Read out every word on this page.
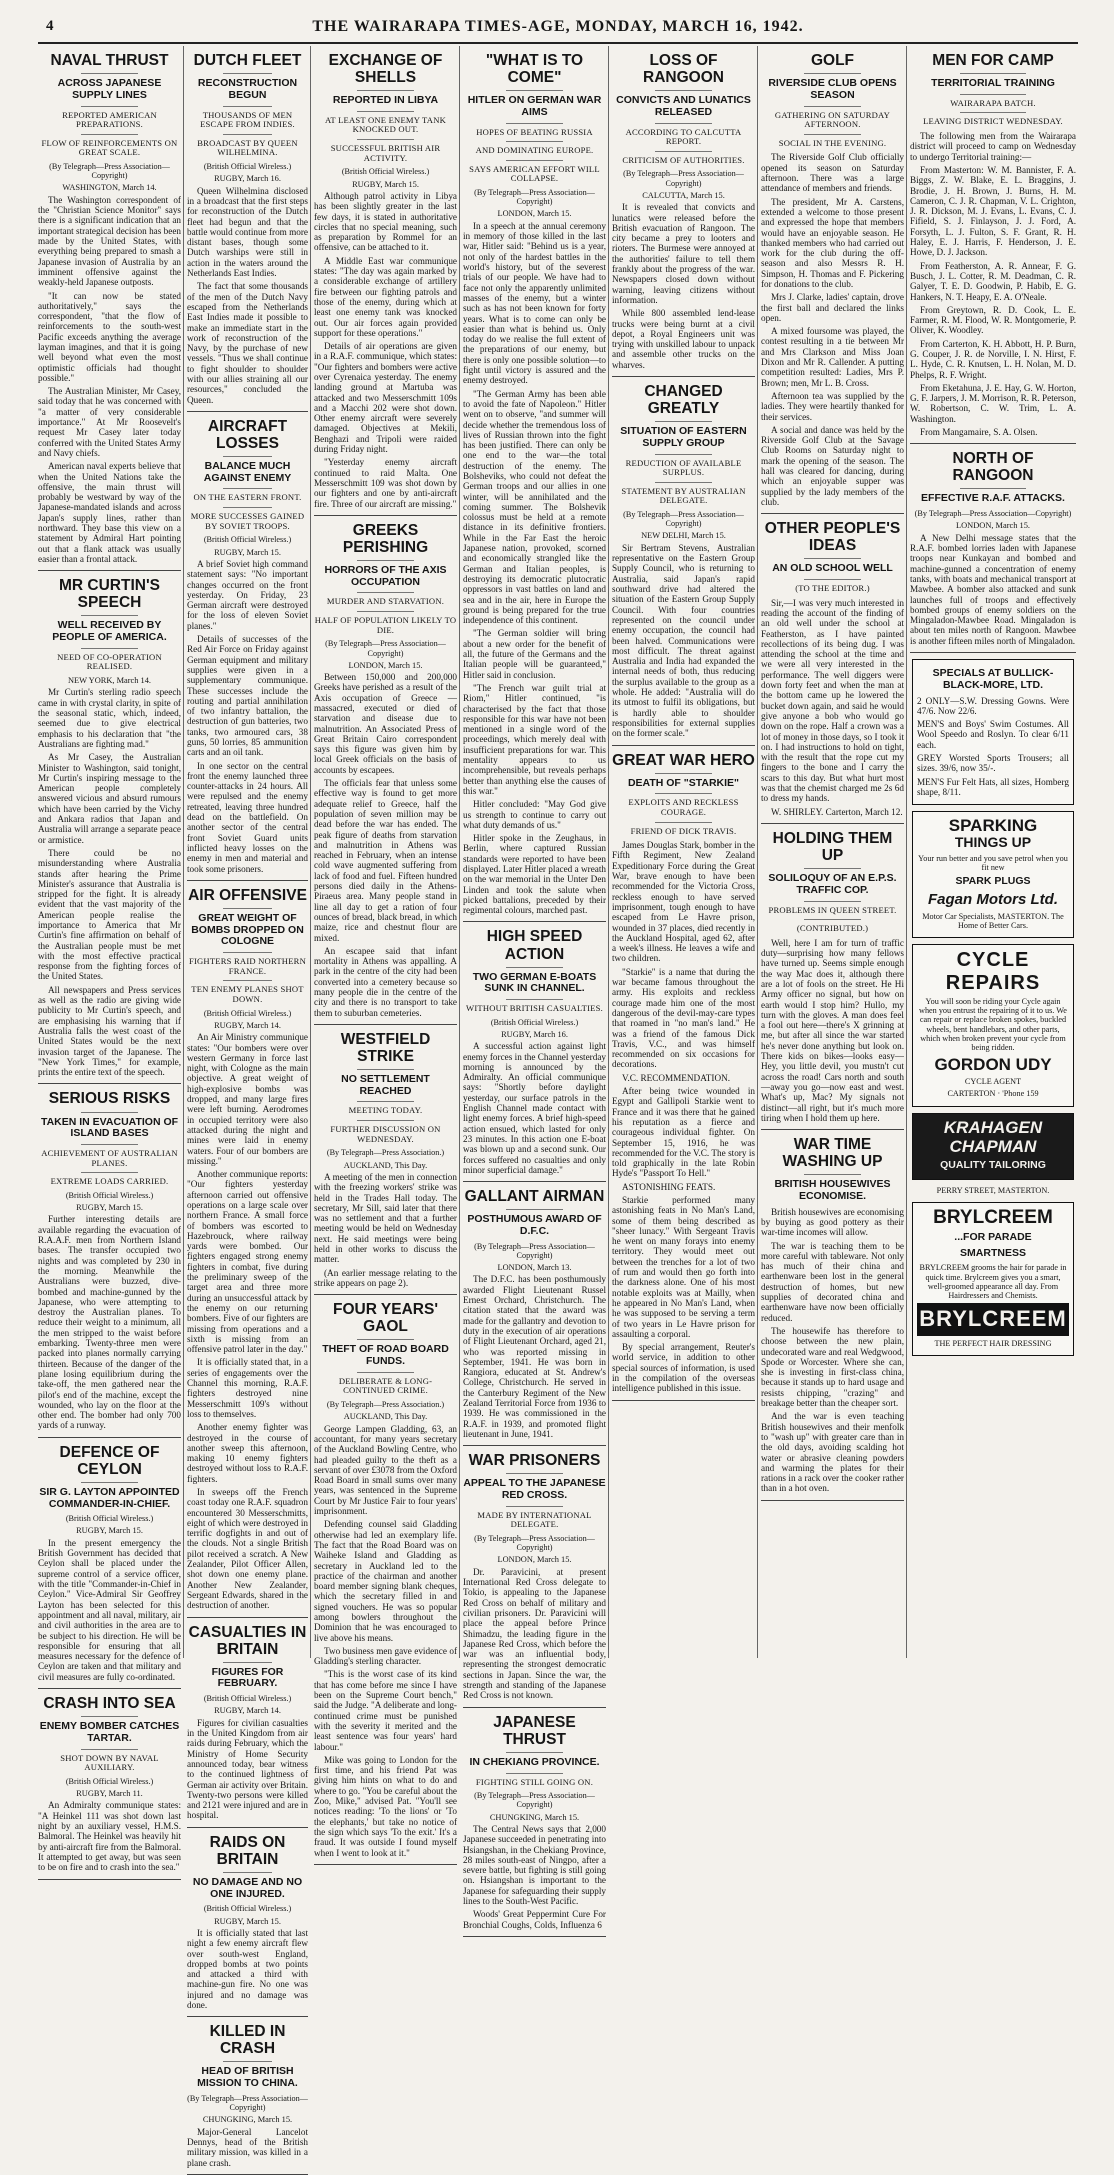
4	THE WAIRARAPA TIMES-AGE, MONDAY, MARCH 16, 1942.
NAVAL THRUST
ACROSS JAPANESE SUPPLY LINES
REPORTED AMERICAN PREPARATIONS.
FLOW OF REINFORCEMENTS ON GREAT SCALE.
(By Telegraph—Press Association—Copyright)
WASHINGTON, March 14.

The Washington correspondent of the "Christian Science Monitor" says there is a significant indication that an important strategical decision has been made by the United States, with everything being prepared to smash a Japanese invasion of Australia by an imminent offensive against the weakly-held Japanese outposts.

"It can now be stated authoritatively," says the correspondent, "that the flow of reinforcements to the south-west Pacific exceeds anything the average layman imagines, and that it is going well beyond what even the most optimistic officials had thought possible."

The Australian Minister, Mr Casey, said today that he was concerned with "a matter of very considerable importance." At Mr Roosevelt's request Mr Casey later today conferred with the United States Army and Navy chiefs.

American naval experts believe that when the United Nations take the offensive, the main thrust will probably be westward by way of the Japanese-mandated islands and across Japan's supply lines, rather than northward. They base this view on a statement by Admiral Hart pointing out that a flank attack was usually easier than a frontal attack.

MR CURTIN'S SPEECH
WELL RECEIVED BY PEOPLE OF AMERICA.
NEED OF CO-OPERATION REALISED.
NEW YORK, March 14.

Mr Curtin's sterling radio speech came in with crystal clarity, in spite of the seasonal static, which, indeed, seemed due to give electrical emphasis to his declaration that "the Australians are fighting mad."

As Mr Casey, the Australian Minister to Washington, said tonight, Mr Curtin's inspiring message to the American people completely answered vicious and absurd rumours which have been carried by the Vichy and Ankara radios that Japan and Australia will arrange a separate peace or armistice.

There could be no misunderstanding where Australia stands after hearing the Prime Minister's assurance that Australia is stripped for the fight. It is already evident that the vast majority of the American people realise the importance to America that Mr Curtin's fine affirmation on behalf of the Australian people must be met with the most effective practical response from the fighting forces of the United States.

All newspapers and Press services as well as the radio are giving wide publicity to Mr Curtin's speech, and are emphasising his warning that if Australia falls the west coast of the United States would be the next invasion target of the Japanese. The "New York Times," for example, prints the entire text of the speech.

SERIOUS RISKS
TAKEN IN EVACUATION OF ISLAND BASES
ACHIEVEMENT OF AUSTRALIAN PLANES.
EXTREME LOADS CARRIED.
(British Official Wireless.)
RUGBY, March 15.

Further interesting details are available regarding the evacuation of R.A.A.F. men from Northern Island bases. The transfer occupied two nights and was completed by 230 in the morning. Meanwhile the Australians were buzzed, dive-bombed and machine-gunned by the Japanese, who were attempting to destroy the Australian planes. To reduce their weight to a minimum, all the men stripped to the waist before embarking. Twenty-three men were packed into planes normally carrying thirteen. Because of the danger of the plane losing equilibrium during the take-off, the men gathered near the pilot's end of the machine, except the wounded, who lay on the floor at the other end. The bomber had only 700 yards of a runway.

DEFENCE OF CEYLON
SIR G. LAYTON APPOINTED COMMANDER-IN-CHIEF.
(British Official Wireless.)
RUGBY, March 15.

In the present emergency the British Government has decided that Ceylon shall be placed under the supreme control of a service officer, with the title "Commander-in-Chief in Ceylon." Vice-Admiral Sir Geoffrey Layton has been selected for this appointment and all naval, military, air and civil authorities in the area are to be subject to his direction. He will be responsible for ensuring that all measures necessary for the defence of Ceylon are taken and that military and civil measures are fully co-ordinated.

CRASH INTO SEA
ENEMY BOMBER CATCHES TARTAR.
SHOT DOWN BY NAVAL AUXILIARY.
(British Official Wireless.)
RUGBY, March 11.

An Admiralty communique states: "A Heinkel 111 was shot down last night by an auxiliary vessel, H.M.S. Balmoral. The Heinkel was heavily hit by anti-aircraft fire from the Balmoral. It attempted to get away, but was seen to be on fire and to crash into the sea."

DUTCH FLEET
RECONSTRUCTION BEGUN
THOUSANDS OF MEN ESCAPE FROM INDIES.
BROADCAST BY QUEEN WILHELMINA.
(British Official Wireless.)
RUGBY, March 16.

Queen Wilhelmina disclosed in a broadcast that the first steps for reconstruction of the Dutch fleet had begun and that the battle would continue from more distant bases, though some Dutch warships were still in action in the waters around the Netherlands East Indies.

The fact that some thousands of the men of the Dutch Navy escaped from the Netherlands East Indies made it possible to make an immediate start in the work of reconstruction of the Navy, by the purchase of new vessels. "Thus we shall continue to fight shoulder to shoulder with our allies straining all our resources," concluded the Queen.

AIRCRAFT LOSSES
BALANCE MUCH AGAINST ENEMY
ON THE EASTERN FRONT.
MORE SUCCESSES GAINED BY SOVIET TROOPS.
(British Official Wireless.)
RUGBY, March 15.

A brief Soviet high command statement says: "No important changes occurred on the front yesterday. On Friday, 23 German aircraft were destroyed for the loss of eleven Soviet planes."

Details of successes of the Red Air Force on Friday against German equipment and military supplies were given in a supplementary communique. These successes include the routing and partial annihilation of two infantry battalion, the destruction of gun batteries, two tanks, two armoured cars, 38 guns, 50 lorries, 85 ammunition carts and an oil tank.

In one sector on the central front the enemy launched three counter-attacks in 24 hours. All were repulsed and the enemy retreated, leaving three hundred dead on the battlefield. On another sector of the central front Soviet Guard units inflicted heavy losses on the enemy in men and material and took some prisoners.

AIR OFFENSIVE
GREAT WEIGHT OF BOMBS DROPPED ON COLOGNE
FIGHTERS RAID NORTHERN FRANCE.
TEN ENEMY PLANES SHOT DOWN.
(British Official Wireless.)
RUGBY, March 14.

An Air Ministry communique states: "Our bombers were over western Germany in force last night, with Cologne as the main objective. A great weight of high-explosive bombs was dropped, and many large fires were left burning. Aerodromes in occupied territory were also attacked during the night and mines were laid in enemy waters. Four of our bombers are missing."

Another communique reports: "Our fighters yesterday afternoon carried out offensive operations on a large scale over northern France. A small force of bombers was escorted to Hazebrouck, where railway yards were bombed. Our fighters engaged strong enemy fighters in combat, five during the preliminary sweep of the target area and three more during an unsuccessful attack by the enemy on our returning bombers. Five of our fighters are missing from operations and a sixth is missing from an offensive patrol later in the day."

It is officially stated that, in a series of engagements over the Channel this morning, R.A.F. fighters destroyed nine Messerschmitt 109's without loss to themselves.

Another enemy fighter was destroyed in the course of another sweep this afternoon, making 10 enemy fighters destroyed without loss to R.A.F. fighters.

In sweeps off the French coast today one R.A.F. squadron encountered 30 Messerschmitts, eight of which were destroyed in terrific dogfights in and out of the clouds. Not a single British pilot received a scratch. A New Zealander, Pilot Officer Allen, shot down one enemy plane. Another New Zealander, Sergeant Edwards, shared in the destruction of another.

CASUALTIES IN BRITAIN
FIGURES FOR FEBRUARY.
(British Official Wireless.)
RUGBY, March 14.

Figures for civilian casualties in the United Kingdom from air raids during February, which the Ministry of Home Security announced today, bear witness to the continued lightness of German air activity over Britain. Twenty-two persons were killed and 2121 were injured and are in hospital.

RAIDS ON BRITAIN
NO DAMAGE AND NO ONE INJURED.
(British Official Wireless.)
RUGBY, March 15.

It is officially stated that last night a few enemy aircraft flew over south-west England, dropped bombs at two points and attacked a third with machine-gun fire. No one was injured and no damage was done.

KILLED IN CRASH
HEAD OF BRITISH MISSION TO CHINA.
(By Telegraph—Press Association—Copyright)
CHUNGKING, March 15.

Major-General Lancelot Dennys, head of the British military mission, was killed in a plane crash.

EXCHANGE OF SHELLS
REPORTED IN LIBYA
AT LEAST ONE ENEMY TANK KNOCKED OUT.
SUCCESSFUL BRITISH AIR ACTIVITY.
(British Official Wireless.)
RUGBY, March 15.

Although patrol activity in Libya has been slightly greater in the last few days, it is stated in authoritative circles that no special meaning, such as preparation by Rommel for an offensive, can be attached to it.

A Middle East war communique states: "The day was again marked by a considerable exchange of artillery fire between our fighting patrols and those of the enemy, during which at least one enemy tank was knocked out. Our air forces again provided support for these operations."

Details of air operations are given in a R.A.F. communique, which states: "Our fighters and bombers were active over Cyrenaica yesterday. The enemy landing ground at Martuba was attacked and two Messerschmitt 109s and a Macchi 202 were shot down. Other enemy aircraft were severely damaged. Objectives at Mekili, Benghazi and Tripoli were raided during Friday night.

"Yesterday enemy aircraft continued to raid Malta. One Messerschmitt 109 was shot down by our fighters and one by anti-aircraft fire. Three of our aircraft are missing."

GREEKS PERISHING
HORRORS OF THE AXIS OCCUPATION
MURDER AND STARVATION.
HALF OF POPULATION LIKELY TO DIE.
(By Telegraph—Press Association—Copyright)
LONDON, March 15.

Between 150,000 and 200,000 Greeks have perished as a result of the Axis occupation of Greece —massacred, executed or died of starvation and disease due to malnutrition. An Associated Press of Great Britain Cairo correspondent says this figure was given him by local Greek officials on the basis of accounts by escapees.

The officials fear that unless some effective way is found to get more adequate relief to Greece, half the population of seven million may be dead before the war has ended. The peak figure of deaths from starvation and malnutrition in Athens was reached in February, when an intense cold wave augmented suffering from lack of food and fuel. Fifteen hundred persons died daily in the Athens-Piraeus area. Many people stand in line all day to get a ration of four ounces of bread, black bread, in which maize, rice and chestnut flour are mixed.

An escapee said that infant mortality in Athens was appalling. A park in the centre of the city had been converted into a cemetery because so many people die in the centre of the city and there is no transport to take them to suburban cemeteries.

WESTFIELD STRIKE
NO SETTLEMENT REACHED
MEETING TODAY.
FURTHER DISCUSSION ON WEDNESDAY.
(By Telegraph—Press Association.)
AUCKLAND, This Day.

A meeting of the men in connection with the freezing workers' strike was held in the Trades Hall today. The secretary, Mr Sill, said later that there was no settlement and that a further meeting would be held on Wednesday next. He said meetings were being held in other works to discuss the matter.

(An earlier message relating to the strike appears on page 2).

FOUR YEARS' GAOL
THEFT OF ROAD BOARD FUNDS.
DELIBERATE & LONG-CONTINUED CRIME.
(By Telegraph—Press Association.)
AUCKLAND, This Day.

George Lampen Gladding, 63, an accountant, for many years secretary of the Auckland Bowling Centre, who had pleaded guilty to the theft as a servant of over £3078 from the Oxford Road Board in small sums over many years, was sentenced in the Supreme Court by Mr Justice Fair to four years' imprisonment.

Defending counsel said Gladding otherwise had led an exemplary life. The fact that the Road Board was on Waiheke Island and Gladding as secretary in Auckland led to the practice of the chairman and another board member signing blank cheques, which the secretary filled in and signed vouchers. He was so popular among bowlers throughout the Dominion that he was encouraged to live above his means.

Two business men gave evidence of Gladding's sterling character.

"This is the worst case of its kind that has come before me since I have been on the Supreme Court bench," said the Judge. "A deliberate and long-continued crime must be punished with the severity it merited and the least sentence was four years' hard labour."

Mike was going to London for the first time, and his friend Pat was giving him hints on what to do and where to go. "You be careful about the Zoo, Mike," advised Pat. "You'll see notices reading: 'To the lions' or 'To the elephants,' but take no notice of the sign which says 'To the exit.' It's a fraud. It was outside I found myself when I went to look at it."

"WHAT IS TO COME"
HITLER ON GERMAN WAR AIMS
HOPES OF BEATING RUSSIA
AND DOMINATING EUROPE.
SAYS AMERICAN EFFORT WILL COLLAPSE.
(By Telegraph—Press Association—Copyright)
LONDON, March 15.

In a speech at the annual ceremony in memory of those killed in the last war, Hitler said: "Behind us is a year, not only of the hardest battles in the world's history, but of the severest trials of our people. We have had to face not only the apparently unlimited masses of the enemy, but a winter such as has not been known for forty years. What is to come can only be easier than what is behind us. Only today do we realise the full extent of the preparations of our enemy, but there is only one possible solution—to fight until victory is assured and the enemy destroyed.

"The German Army has been able to avoid the fate of Napoleon." Hitler went on to observe, "and summer will decide whether the tremendous loss of lives of Russian thrown into the fight has been justified. There can only be one end to the war—the total destruction of the enemy. The Bolsheviks, who could not defeat the German troops and our allies in one winter, will be annihilated and the coming summer. The Bolshevik colossus must be held at a remote distance in its definitive frontiers. While in the Far East the heroic Japanese nation, provoked, scorned and economically strangled like the German and Italian peoples, is destroying its democratic plutocratic oppressors in vast battles on land and sea and in the air, here in Europe the ground is being prepared for the true independence of this continent.

"The German soldier will bring about a new order for the benefit of all, the future of the Germans and the Italian people will be guaranteed," Hitler said in conclusion.

"The French war guilt trial at Riom," Hitler continued, "is characterised by the fact that those responsible for this war have not been mentioned in a single word of the proceedings, which merely deal with insufficient preparations for war. This mentality appears to us incomprehensible, but reveals perhaps better than anything else the causes of this war."

Hitler concluded: "May God give us strength to continue to carry out what duty demands of us."

Hitler spoke in the Zeughaus, in Berlin, where captured Russian standards were reported to have been displayed. Later Hitler placed a wreath on the war memorial in the Unter Den Linden and took the salute when picked battalions, preceded by their regimental colours, marched past.

HIGH SPEED ACTION
TWO GERMAN E-BOATS SUNK IN CHANNEL.
WITHOUT BRITISH CASUALTIES.
(British Official Wireless.)
RUGBY, March 16.

A successful action against light enemy forces in the Channel yesterday morning is announced by the Admiralty. An official communique says: "Shortly before daylight yesterday, our surface patrols in the English Channel made contact with light enemy forces. A brief high-speed action ensued, which lasted for only 23 minutes. In this action one E-boat was blown up and a second sunk. Our forces suffered no casualties and only minor superficial damage."

GALLANT AIRMAN
POSTHUMOUS AWARD OF D.F.C.
(By Telegraph—Press Association—Copyright)
LONDON, March 13.

The D.F.C. has been posthumously awarded Flight Lieutenant Russel Ernest Orchard, Christchurch. The citation stated that the award was made for the gallantry and devotion to duty in the execution of air operations of Flight Lieutenant Orchard, aged 21, who was reported missing in September, 1941. He was born in Rangiora, educated at St. Andrew's College, Christchurch. He served in the Canterbury Regiment of the New Zealand Territorial Force from 1936 to 1939. He was commissioned in the R.A.F. in 1939, and promoted flight lieutenant in June, 1941.

WAR PRISONERS
APPEAL TO THE JAPANESE RED CROSS.
MADE BY INTERNATIONAL DELEGATE.
(By Telegraph—Press Association—Copyright)
LONDON, March 15.

Dr. Paravicini, at present International Red Cross delegate to Tokio, is appealing to the Japanese Red Cross on behalf of military and civilian prisoners. Dr. Paravicini will place the appeal before Prince Shimadzu, the leading figure in the Japanese Red Cross, which before the war was an influential body, representing the strongest democratic sections in Japan. Since the war, the strength and standing of the Japanese Red Cross is not known.

JAPANESE THRUST
IN CHEKIANG PROVINCE.
FIGHTING STILL GOING ON.
(By Telegraph—Press Association—Copyright)
CHUNGKING, March 15.

The Central News says that 2,000 Japanese succeeded in penetrating into Hsiangshan, in the Chekiang Province, 28 miles south-east of Ningpo, after a severe battle, but fighting is still going on. Hsiangshan is important to the Japanese for safeguarding their supply lines to the South-West Pacific.

Woods' Great Peppermint Cure For Bronchial Coughs, Colds, Influenza 6

LOSS OF RANGOON
CONVICTS AND LUNATICS RELEASED
ACCORDING TO CALCUTTA REPORT.
CRITICISM OF AUTHORITIES.
(By Telegraph—Press Association—Copyright)
CALCUTTA, March 15.

It is revealed that convicts and lunatics were released before the British evacuation of Rangoon. The city became a prey to looters and rioters. The Burmese were annoyed at the authorities' failure to tell them frankly about the progress of the war. Newspapers closed down without warning, leaving citizens without information.

While 800 assembled lend-lease trucks were being burnt at a civil depot, a Royal Engineers unit was trying with unskilled labour to unpack and assemble other trucks on the wharves.

CHANGED GREATLY
SITUATION OF EASTERN SUPPLY GROUP
REDUCTION OF AVAILABLE SURPLUS.
STATEMENT BY AUSTRALIAN DELEGATE.
(By Telegraph—Press Association—Copyright)
NEW DELHI, March 15.

Sir Bertram Stevens, Australian representative on the Eastern Group Supply Council, who is returning to Australia, said Japan's rapid southward drive had altered the situation of the Eastern Group Supply Council. With four countries represented on the council under enemy occupation, the council had been halved. Communications were most difficult. The threat against Australia and India had expanded the internal needs of both, thus reducing the surplus available to the group as a whole. He added: "Australia will do its utmost to fulfil its obligations, but is hardly able to shoulder responsibilities for external supplies on the former scale."

GREAT WAR HERO
DEATH OF "STARKIE"
EXPLOITS AND RECKLESS COURAGE.
FRIEND OF DICK TRAVIS.

James Douglas Stark, bomber in the Fifth Regiment, New Zealand Expeditionary Force during the Great War, brave enough to have been recommended for the Victoria Cross, reckless enough to have served imprisonment, tough enough to have escaped from Le Havre prison, wounded in 37 places, died recently in the Auckland Hospital, aged 62, after a week's illness. He leaves a wife and two children.

"Starkie" is a name that during the war became famous throughout the army. His exploits and reckless courage made him one of the most dangerous of the devil-may-care types that roamed in "no man's land." He was a friend of the famous Dick Travis, V.C., and was himself recommended on six occasions for decorations.

V.C. RECOMMENDATION.

After being twice wounded in Egypt and Gallipoli Starkie went to France and it was there that he gained his reputation as a fierce and courageous individual fighter. On September 15, 1916, he was recommended for the V.C. The story is told graphically in the late Robin Hyde's "Passport To Hell."

ASTONISHING FEATS.

Starkie performed many astonishing feats in No Man's Land, some of them being described as "sheer lunacy." With Sergeant Travis he went on many forays into enemy territory. They would meet out between the trenches for a lot of two of rum and would then go forth into the darkness alone. One of his most notable exploits was at Mailly, when he appeared in No Man's Land, when he was supposed to be serving a term of two years in Le Havre prison for assaulting a corporal.

By special arrangement, Reuter's world service, in addition to other special sources of information, is used in the compilation of the overseas intelligence published in this issue.

GOLF
RIVERSIDE CLUB OPENS SEASON
GATHERING ON SATURDAY AFTERNOON.
SOCIAL IN THE EVENING.

The Riverside Golf Club officially opened its season on Saturday afternoon. There was a large attendance of members and friends.

The president, Mr A. Carstens, extended a welcome to those present and expressed the hope that members would have an enjoyable season. He thanked members who had carried out work for the club during the off-season and also Messrs R. H. Simpson, H. Thomas and F. Pickering for donations to the club.

Mrs J. Clarke, ladies' captain, drove the first ball and declared the links open.

A mixed foursome was played, the contest resulting in a tie between Mr and Mrs Clarkson and Miss Joan Dixon and Mr R. Callender. A putting competition resulted: Ladies, Mrs P. Brown; men, Mr L. B. Cross.

Afternoon tea was supplied by the ladies. They were heartily thanked for their services.

A social and dance was held by the Riverside Golf Club at the Savage Club Rooms on Saturday night to mark the opening of the season. The hall was cleared for dancing, during which an enjoyable supper was supplied by the lady members of the club.

OTHER PEOPLE'S IDEAS
AN OLD SCHOOL WELL
(TO THE EDITOR.)

Sir,—I was very much interested in reading the account of the finding of an old well under the school at Featherston, as I have painted recollections of its being dug. I was attending the school at the time and we were all very interested in the performance. The well diggers were down forty feet and when the man at the bottom came up he lowered the bucket down again, and said he would give anyone a bob who would go down on the rope. Half a crown was a lot of money in those days, so I took it on. I had instructions to hold on tight, with the result that the rope cut my fingers to the bone and I carry the scars to this day. But what hurt most was that the chemist charged me 2s 6d to dress my hands.

W. SHIRLEY. Carterton, March 12.

HOLDING THEM UP
SOLILOQUY OF AN E.P.S. TRAFFIC COP.
PROBLEMS IN QUEEN STREET.
(CONTRIBUTED.)

Well, here I am for turn of traffic duty—surprising how many fellows have turned up. Seems simple enough the way Mac does it, although there are a lot of fools on the street. He Hi Army officer no signal, but how on earth would I stop him? Hullo, my turn with the gloves. A man does feel a fool out here—there's X grinning at me, but after all since the war started he's never done anything but look on. There kids on bikes—looks easy—Hey, you little devil, you mustn't cut across the road! Cars north and south—away you go—now east and west. What's up, Mac? My signals not distinct—all right, but it's much more tiring when I hold them up here.

WAR TIME WASHING UP
BRITISH HOUSEWIVES ECONOMISE.

British housewives are economising by buying as good pottery as their war-time incomes will allow.

The war is teaching them to be more careful with tableware. Not only has much of their china and earthenware been lost in the general destruction of homes, but new supplies of decorated china and earthenware have now been officially reduced.

The housewife has therefore to choose between the new plain, undecorated ware and real Wedgwood, Spode or Worcester. Where she can, she is investing in first-class china, because it stands up to hard usage and resists chipping, "crazing" and breakage better than the cheaper sort.

And the war is even teaching British housewives and their menfolk to "wash up" with greater care than in the old days, avoiding scalding hot water or abrasive cleaning powders and warming the plates for their rations in a rack over the cooker rather than in a hot oven.

MEN FOR CAMP
TERRITORIAL TRAINING
WAIRARAPA BATCH.
LEAVING DISTRICT WEDNESDAY.

The following men from the Wairarapa district will proceed to camp on Wednesday to undergo Territorial training:—

From Masterton: W. M. Bannister, F. A. Biggs, Z. W. Blake, E. L. Braggins, J. Brodie, J. H. Brown, J. Burns, H. M. Cameron, C. J. R. Chapman, V. L. Crighton, J. R. Dickson, M. J. Evans, L. Evans, C. J. Fifield, S. J. Finlayson, J. J. Ford, A. Forsyth, L. J. Fulton, S. F. Grant, R. H. Haley, E. J. Harris, F. Henderson, J. E. Howe, D. J. Jackson.

From Featherston, A. R. Annear, F. G. Busch, J. L. Cotter, R. M. Deadman, C. R. Galyer, T. E. D. Goodwin, P. Habib, E. G. Hankers, N. T. Heapy, E. A. O'Neale.

From Greytown, R. D. Cook, L. E. Farmer, R. M. Flood, W. R. Montgomerie, P. Oliver, K. Woodley.

From Carterton, K. H. Abbott, H. P. Burn, G. Couper, J. R. de Norville, I. N. Hirst, F. L. Hyde, C. R. Knutsen, L. H. Nolan, M. D. Phelps, R. F. Wright.

From Eketahuna, J. E. Hay, G. W. Horton, G. F. Jarpers, J. M. Morrison, R. R. Peterson, W. Robertson, C. W. Trim, L. A. Washington.

From Mangamaire, S. A. Olsen.

NORTH OF RANGOON
EFFECTIVE R.A.F. ATTACKS.
(By Telegraph—Press Association—Copyright)
LONDON, March 15.

A New Delhi message states that the R.A.F. bombed lorries laden with Japanese troops near Kunkayan and bombed and machine-gunned a concentration of enemy tanks, with boats and mechanical transport at Mawbee. A bomber also attacked and sunk launches full of troops and effectively bombed groups of enemy soldiers on the Mingaladon-Mawbee Road. Mingaladon is about ten miles north of Rangoon. Mawbee is another fifteen miles north of Mingaladon.

SPECIALS AT BULLICK-BLACK-MORE, LTD.
2 ONLY—S.W. Dressing Gowns. Were 47/6. Now 22/6.
MEN'S and Boys' Swim Costumes. All Wool Speedo and Roslyn. To clear 6/11 each.
GREY Worsted Sports Trousers; all sizes. 39/6, now 35/-.
MEN'S Fur Felt Hats, all sizes, Homberg shape, 8/11.
SPARKING
THINGS UP
Your run better and you save petrol when you fit new
SPARK PLUGS
Fagan Motors Ltd.
Motor Car Specialists, MASTERTON. The Home of Better Cars.
CYCLE REPAIRS
You will soon be riding your Cycle again when you entrust the repairing of it to us. We can repair or replace broken spokes, buckled wheels, bent handlebars, and other parts, which when broken prevent your cycle from being ridden.
GORDON UDY
CYCLE AGENT
CARTERTON · 'Phone 159
KRAHAGEN CHAPMAN
QUALITY TAILORING
PERRY STREET, MASTERTON.
BRYLCREEM
...FOR PARADE
SMARTNESS
BRYLCREEM grooms the hair for parade in quick time. Brylcreem gives you a smart, well-groomed appearance all day. From Hairdressers and Chemists.
BRYLCREEM
THE PERFECT HAIR DRESSING
